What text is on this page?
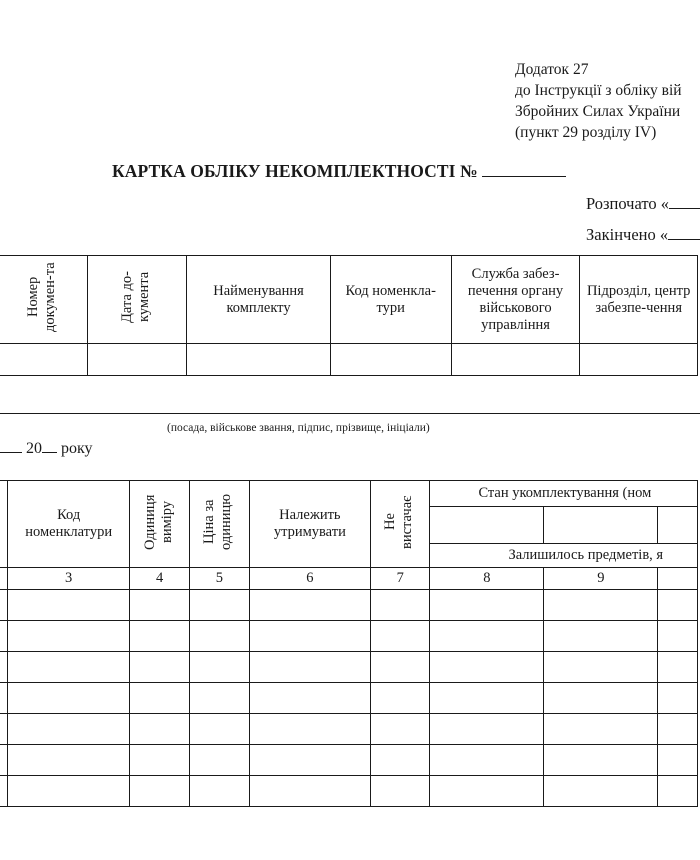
Додаток 27
до Інструкції з обліку вій
Збройних Силах України
(пункт 29 розділу IV)
КАРТКА ОБЛІКУ НЕКОМПЛЕКТНОСТІ №
Розпочато «
Закінчено «
Номер докумен-та	Дата до-кумента	Найменування комплекту	Код номенкла-тури	Служба забез-печення органу військового управління	Підрозділ, центр забезпе-чення

(посада, військове звання, підпис, прізвище, ініціали)
20 року
	Код номенклатури	Одиниця виміру	Ціна за одиницю	Належить утримувати	Не вистачає	Стан укомплектування (ном		

						Залишилось предметів, я		
	3	4	5	6	7	8	9	
